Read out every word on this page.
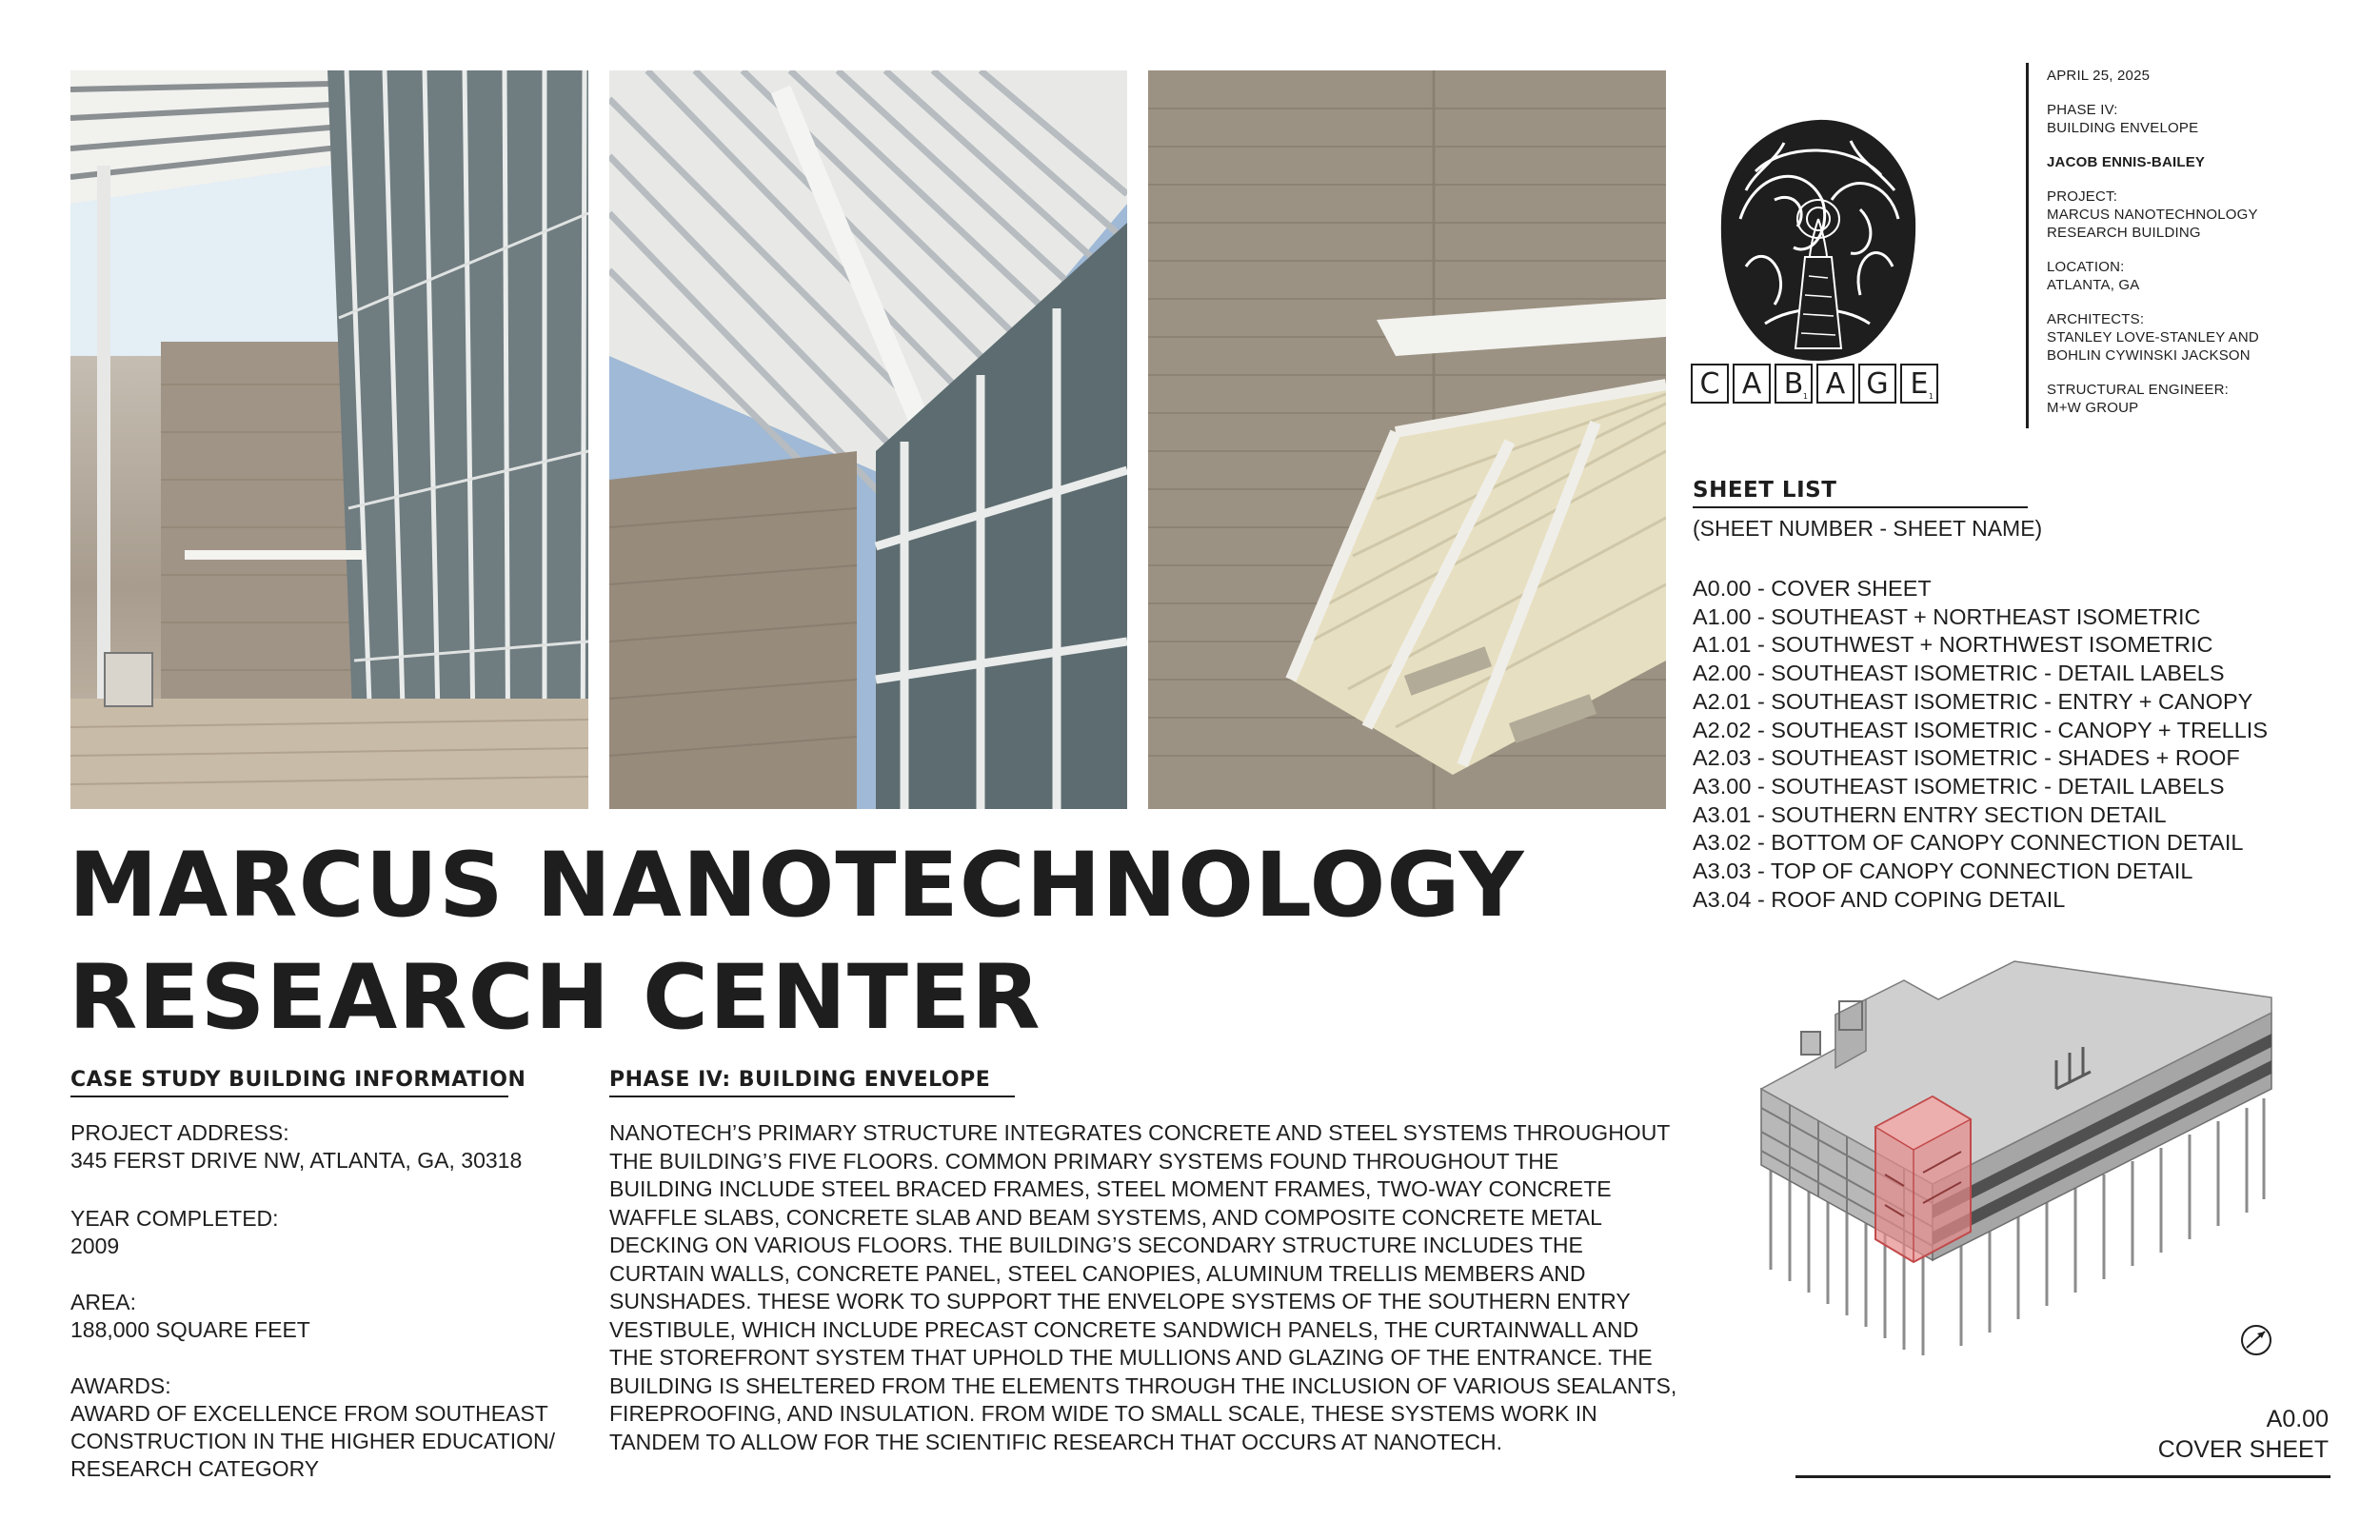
MARCUS NANOTECHNOLOGY
RESEARCH CENTER
CASE STUDY BUILDING INFORMATION
PROJECT ADDRESS:
345 FERST DRIVE NW, ATLANTA, GA, 30318
YEAR COMPLETED:
2009
AREA:
188,000 SQUARE FEET
AWARDS:
AWARD OF EXCELLENCE FROM SOUTHEAST
CONSTRUCTION IN THE HIGHER EDUCATION/
RESEARCH CATEGORY
PHASE IV: BUILDING ENVELOPE

NANOTECH’S PRIMARY STRUCTURE INTEGRATES CONCRETE AND STEEL SYSTEMS THROUGHOUT
THE BUILDING’S FIVE FLOORS. COMMON PRIMARY SYSTEMS FOUND THROUGHOUT THE
BUILDING INCLUDE STEEL BRACED FRAMES, STEEL MOMENT FRAMES, TWO-WAY CONCRETE
WAFFLE SLABS, CONCRETE SLAB AND BEAM SYSTEMS, AND COMPOSITE CONCRETE METAL
DECKING ON VARIOUS FLOORS. THE BUILDING’S SECONDARY STRUCTURE INCLUDES THE
CURTAIN WALLS, CONCRETE PANEL, STEEL CANOPIES, ALUMINUM TRELLIS MEMBERS AND
SUNSHADES. THESE WORK TO SUPPORT THE ENVELOPE SYSTEMS OF THE SOUTHERN ENTRY
VESTIBULE, WHICH INCLUDE PRECAST CONCRETE SANDWICH PANELS, THE CURTAINWALL AND
THE STOREFRONT SYSTEM THAT UPHOLD THE MULLIONS AND GLAZING OF THE ENTRANCE. THE
BUILDING IS SHELTERED FROM THE ELEMENTS THROUGH THE INCLUSION OF VARIOUS SEALANTS,
FIREPROOFING, AND INSULATION. FROM WIDE TO SMALL SCALE, THESE SYSTEMS WORK IN
TANDEM TO ALLOW FOR THE SCIENTIFIC RESEARCH THAT OCCURS AT NANOTECH.

C A $B_1$ A G $E_1$
APRIL 25, 2025
PHASE IV:
BUILDING ENVELOPE
JACOB ENNIS-BAILEY
PROJECT:
MARCUS NANOTECHNOLOGY
RESEARCH BUILDING
LOCATION:
ATLANTA, GA
ARCHITECTS:
STANLEY LOVE-STANLEY AND
BOHLIN CYWINSKI JACKSON
STRUCTURAL ENGINEER:
M+W GROUP
SHEET LIST
(SHEET NUMBER - SHEET NAME)
A0.00 - COVER SHEET
A1.00 - SOUTHEAST + NORTHEAST ISOMETRIC
A1.01 - SOUTHWEST + NORTHWEST ISOMETRIC
A2.00 - SOUTHEAST ISOMETRIC - DETAIL LABELS
A2.01 - SOUTHEAST ISOMETRIC - ENTRY + CANOPY
A2.02 - SOUTHEAST ISOMETRIC - CANOPY + TRELLIS
A2.03 - SOUTHEAST ISOMETRIC - SHADES + ROOF
A3.00 - SOUTHEAST ISOMETRIC - DETAIL LABELS
A3.01 - SOUTHERN ENTRY SECTION DETAIL
A3.02 - BOTTOM OF CANOPY CONNECTION DETAIL
A3.03 - TOP OF CANOPY CONNECTION DETAIL
A3.04 - ROOF AND COPING DETAIL
A0.00
COVER SHEET
